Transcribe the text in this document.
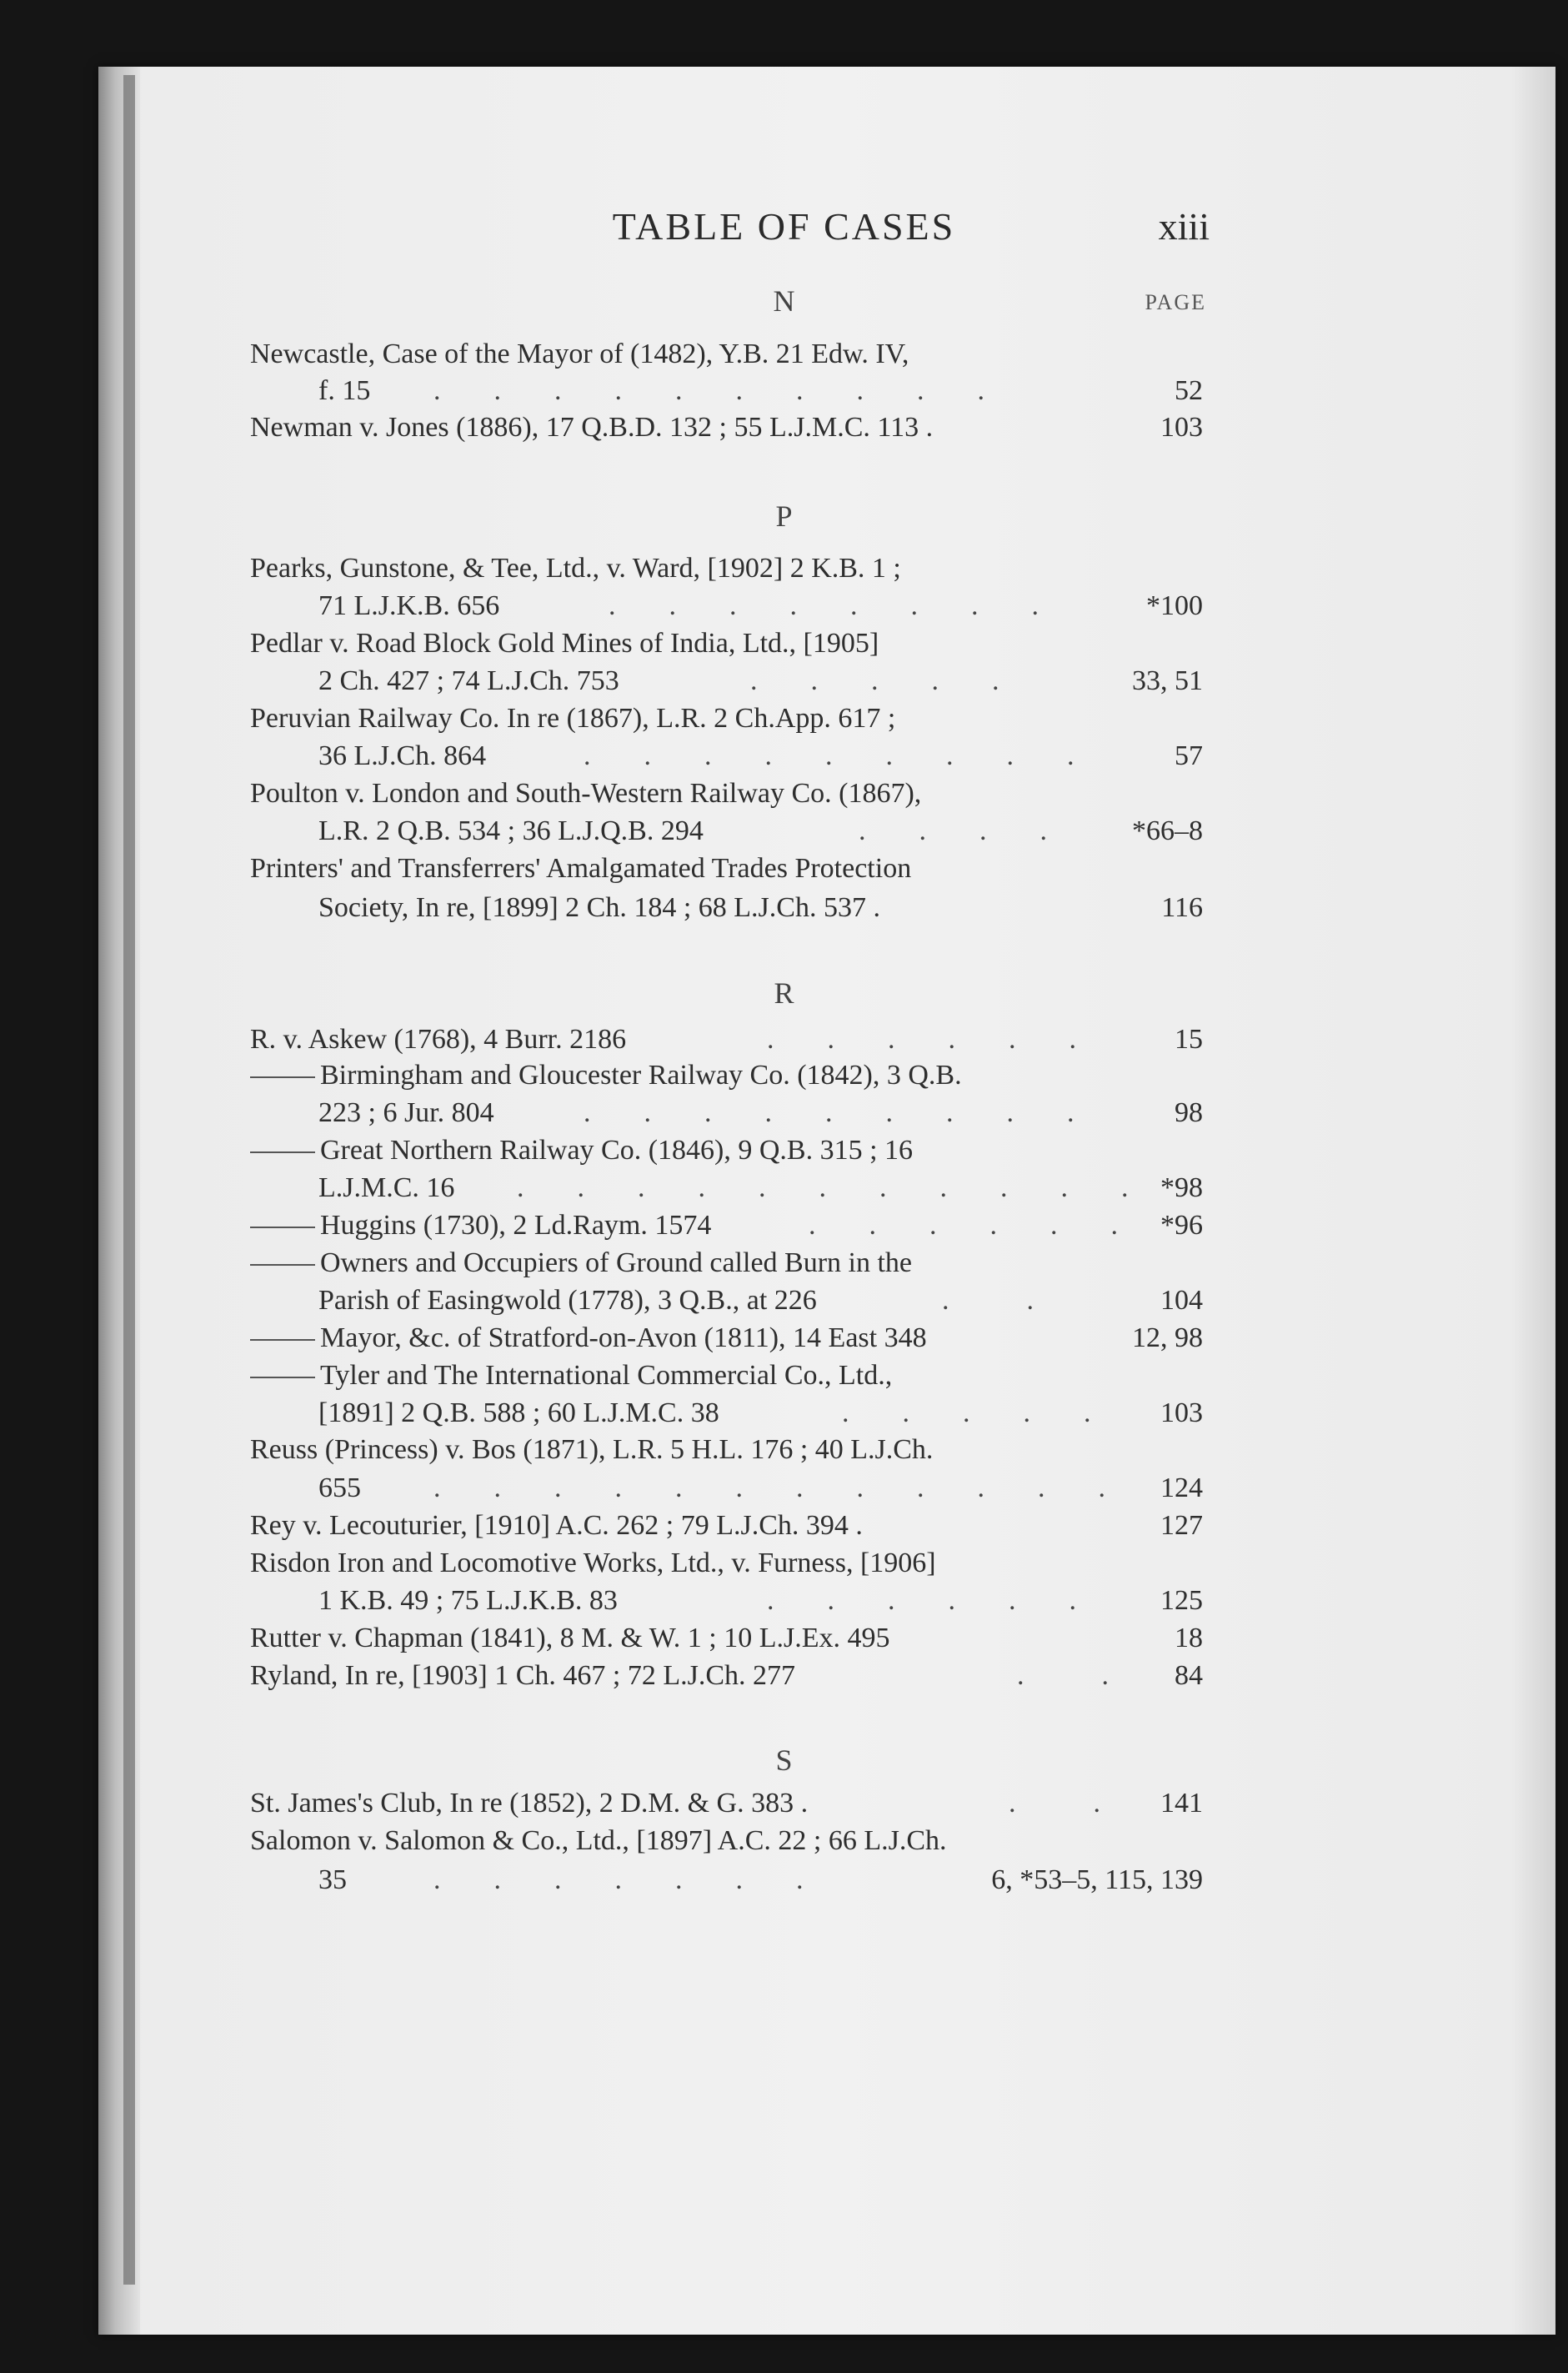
TABLE OF CASES	xiii
PAGE
N
Newcastle, Case of the Mayor of (1482), Y.B. 21 Edw. IV,
f. 15 .    .    .    .    .    .    .    .    .    .	52
Newman v. Jones (1886), 17 Q.B.D. 132 ; 55 L.J.M.C. 113 .	103
P
Pearks, Gunstone, & Tee, Ltd., v. Ward, [1902] 2 K.B. 1 ;
71 L.J.K.B. 656	.    .    .    .    .    .    .    .	*100
Pedlar v. Road Block Gold Mines of India, Ltd., [1905]
2 Ch. 427 ; 74 L.J.Ch. 753	.    .    .    .    .	33, 51
Peruvian Railway Co. In re (1867), L.R. 2 Ch.App. 617 ;
36 L.J.Ch. 864	.    .    .    .    .    .    .    .    .	57
Poulton v. London and South-Western Railway Co. (1867),
L.R. 2 Q.B. 534 ; 36 L.J.Q.B. 294	.    .    .    .	*66–8
Printers' and Transferrers' Amalgamated Trades Protection
Society, In re, [1899] 2 Ch. 184 ; 68 L.J.Ch. 537 .	116
R
R. v. Askew (1768), 4 Burr. 2186	.    .    .    .    .    .	15
Birmingham and Gloucester Railway Co. (1842), 3 Q.B.
223 ; 6 Jur. 804	.    .    .    .    .    .    .    .    .	98
Great Northern Railway Co. (1846), 9 Q.B. 315 ; 16
L.J.M.C. 16 .    .    .    .    .    .    .    .    .    .    . *98
Huggins (1730), 2 Ld.Raym. 1574	.    .    .    .    .    . *96
Owners and Occupiers of Ground called Burn in the
Parish of Easingwold (1778), 3 Q.B., at 226	.      .	104
Mayor, &c. of Stratford-on-Avon (1811), 14 East 348	12, 98
Tyler and The International Commercial Co., Ltd.,
[1891] 2 Q.B. 588 ; 60 L.J.M.C. 38	.    .    .    .    . 103
Reuss (Princess) v. Bos (1871), L.R. 5 H.L. 176 ; 40 L.J.Ch.
655	.    .    .    .    .    .    .    .    .    .    .    . 124
Rey v. Lecouturier, [1910] A.C. 262 ; 79 L.J.Ch. 394 .	127
Risdon Iron and Locomotive Works, Ltd., v. Furness, [1906]
1 K.B. 49 ; 75 L.J.K.B. 83	.    .    .    .    .    .	125
Rutter v. Chapman (1841), 8 M. & W. 1 ; 10 L.J.Ex. 495	18
Ryland, In re, [1903] 1 Ch. 467 ; 72 L.J.Ch. 277	.      . 84
S
St. James's Club, In re (1852), 2 D.M. & G. 383 .	.      . 141
Salomon v. Salomon & Co., Ltd., [1897] A.C. 22 ; 66 L.J.Ch.
35	.    .    .    .    .    .    .	6, *53–5, 115, 139
